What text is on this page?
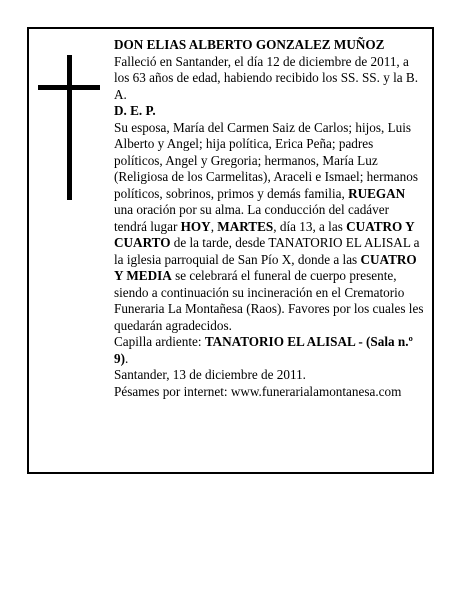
DON ELIAS ALBERTO GONZALEZ MUÑOZ

Falleció en Santander, el día 12 de diciembre de 2011, a los 63 años de edad, habiendo recibido los SS. SS. y la B. A.

D. E. P.

Su esposa, María del Carmen Saiz de Carlos; hijos, Luis Alberto y Angel; hija política, Erica Peña; padres políticos, Angel y Gregoria; hermanos, María Luz (Religiosa de los Carmelitas), Araceli e Ismael; hermanos políticos, sobrinos, primos y demás familia, RUEGAN una oración por su alma. La conducción del cadáver tendrá lugar HOY, MARTES, día 13, a las CUATRO Y CUARTO de la tarde, desde TANATORIO EL ALISAL a la iglesia parroquial de San Pío X, donde a las CUATRO Y MEDIA se celebrará el funeral de cuerpo presente, siendo a continuación su incineración en el Crematorio Funeraria La Montañesa (Raos). Favores por los cuales les quedarán agradecidos.

Capilla ardiente: TANATORIO EL ALISAL - (Sala n.º 9).

Santander, 13 de diciembre de 2011.

Pésames por internet: www.funerarialamontanesa.com
